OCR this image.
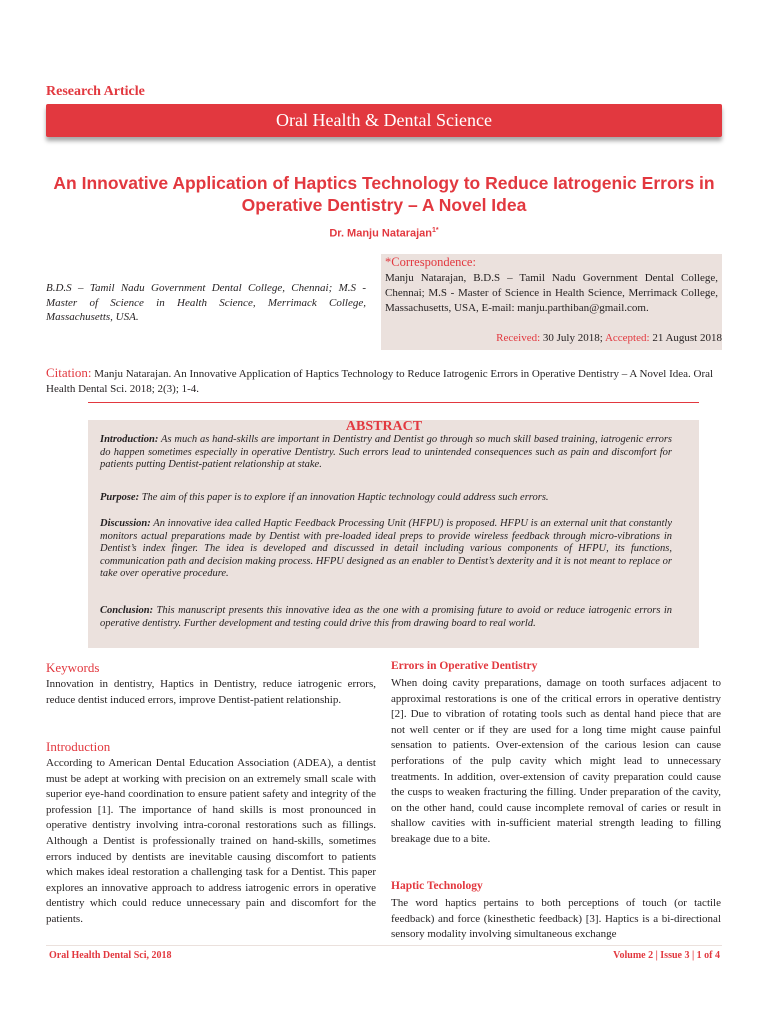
Research Article

Oral Health & Dental Science
An Innovative Application of Haptics Technology to Reduce Iatrogenic Errors in Operative Dentistry – A Novel Idea

Dr. Manju Natarajan$^{1*}$

B.D.S – Tamil Nadu Government Dental College, Chennai; M.S - Master of Science in Health Science, Merrimack College, Massachusetts, USA.

*Correspondence:
Manju Natarajan, B.D.S – Tamil Nadu Government Dental College, Chennai; M.S - Master of Science in Health Science, Merrimack College, Massachusetts, USA, E-mail: manju.parthiban@gmail.com.
Received: 30 July 2018; Accepted: 21 August 2018

Citation: Manju Natarajan. An Innovative Application of Haptics Technology to Reduce Iatrogenic Errors in Operative Dentistry – A Novel Idea. Oral Health Dental Sci. 2018; 2(3); 1-4.

ABSTRACT

Introduction: As much as hand-skills are important in Dentistry and Dentist go through so much skill based training, iatrogenic errors do happen sometimes especially in operative Dentistry. Such errors lead to unintended consequences such as pain and discomfort for patients putting Dentist-patient relationship at stake.

Purpose: The aim of this paper is to explore if an innovation Haptic technology could address such errors.

Discussion: An innovative idea called Haptic Feedback Processing Unit (HFPU) is proposed. HFPU is an external unit that constantly monitors actual preparations made by Dentist with pre-loaded ideal preps to provide wireless feedback through micro-vibrations in Dentist’s index finger. The idea is developed and discussed in detail including various components of HFPU, its functions, communication path and decision making process. HFPU designed as an enabler to Dentist’s dexterity and it is not meant to replace or take over operative procedure.

Conclusion: This manuscript presents this innovative idea as the one with a promising future to avoid or reduce iatrogenic errors in operative dentistry. Further development and testing could drive this from drawing board to real world.

Keywords

Innovation in dentistry, Haptics in Dentistry, reduce iatrogenic errors, reduce dentist induced errors, improve Dentist-patient relationship.

Introduction

According to American Dental Education Association (ADEA), a dentist must be adept at working with precision on an extremely small scale with superior eye-hand coordination to ensure patient safety and integrity of the profession [1]. The importance of hand skills is most pronounced in operative dentistry involving intra-coronal restorations such as fillings. Although a Dentist is professionally trained on hand-skills, sometimes errors induced by dentists are inevitable causing discomfort to patients which makes ideal restoration a challenging task for a Dentist. This paper explores an innovative approach to address iatrogenic errors in operative dentistry which could reduce unnecessary pain and discomfort for the patients.

Errors in Operative Dentistry

When doing cavity preparations, damage on tooth surfaces adjacent to approximal restorations is one of the critical errors in operative dentistry [2]. Due to vibration of rotating tools such as dental hand piece that are not well center or if they are used for a long time might cause painful sensation to patients. Over-extension of the carious lesion can cause perforations of the pulp cavity which might lead to unnecessary treatments. In addition, over-extension of cavity preparation could cause the cusps to weaken fracturing the filling. Under preparation of the cavity, on the other hand, could cause incomplete removal of caries or result in shallow cavities with in-sufficient material strength leading to filling breakage due to a bite.

Haptic Technology

The word haptics pertains to both perceptions of touch (or tactile feedback) and force (kinesthetic feedback) [3]. Haptics is a bi-directional sensory modality involving simultaneous exchange

Oral Health Dental Sci, 2018	Volume 2 | Issue 3 | 1 of 4
